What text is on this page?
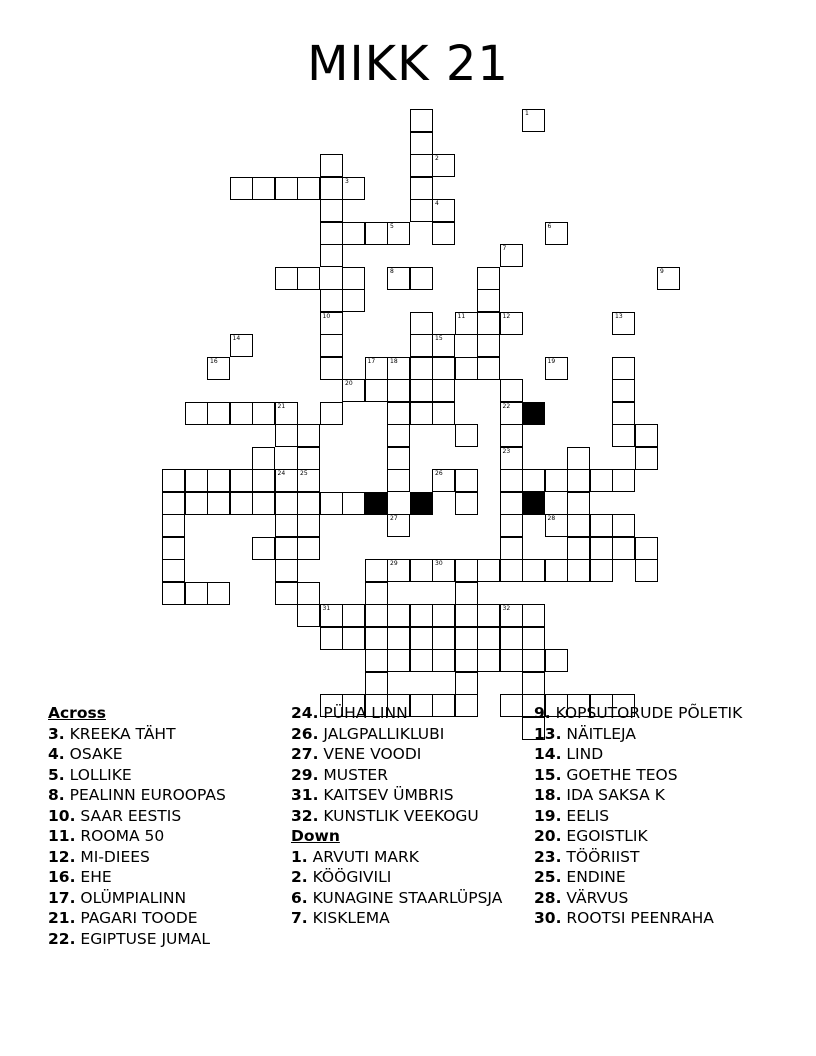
MIKK 21
5
10
18
21
23
25	26
29	30
32
31
1
2
3
4
6
7
8	9
11	12	13
14	15
16	17	19
20
22
24
27	28
Across
3. KREEKA TÄHT
4. OSAKE
5. LOLLIKE
8. PEALINN EUROOPAS
10. SAAR EESTIS
11. ROOMA 50
12. MI-DIEES
16. EHE
17. OLÜMPIALINN
21. PAGARI TOODE
22. EGIPTUSE JUMAL
24. PÜHA LINN
26. JALGPALLIKLUBI
27. VENE VOODI
29. MUSTER
31. KAITSEV ÜMBRIS
32. KUNSTLIK VEEKOGU
Down
1. ARVUTI MARK
2. KÖÖGIVILI
6. KUNAGINE STAARLÜPSJA
7. KISKLEMA
9. KOPSUTORUDE PÕLETIK
13. NÄITLEJA
14. LIND
15. GOETHE TEOS
18. IDA SAKSA K
19. EELIS
20. EGOISTLIK
23. TÖÖRIIST
25. ENDINE
28. VÄRVUS
30. ROOTSI PEENRAHA
